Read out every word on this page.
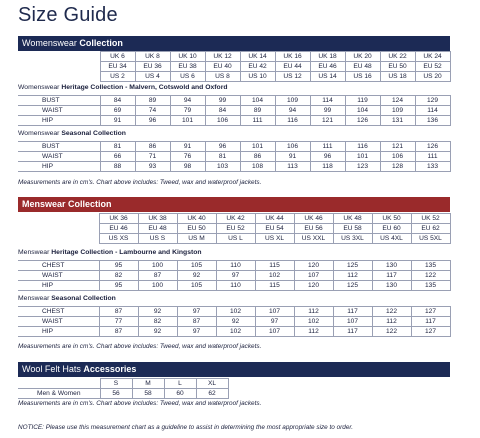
Size Guide
Womenswear Collection
	UK 6	UK 8	UK 10	UK 12	UK 14	UK 16	UK 18	UK 20	UK 22	UK 24
	EU 34	EU 36	EU 38	EU 40	EU 42	EU 44	EU 46	EU 48	EU 50	EU 52
	US 2	US 4	US 6	US 8	US 10	US 12	US 14	US 16	US 18	US 20
Womenswear Heritage Collection - Malvern, Cotswold and Oxford
BUST	84	89	94	99	104	109	114	119	124	129
WAIST	69	74	79	84	89	94	99	104	109	114
HIP	91	96	101	106	111	116	121	126	131	136
Womenswear Seasonal Collection
BUST	81	86	91	96	101	106	111	116	121	126
WAIST	66	71	76	81	86	91	96	101	106	111
HIP	88	93	98	103	108	113	118	123	128	133
Measurements are in cm's. Chart above includes: Tweed, wax and waterproof jackets.
Menswear Collection
	UK 36	UK 38	UK 40	UK 42	UK 44	UK 46	UK 48	UK 50	UK 52
	EU 46	EU 48	EU 50	EU 52	EU 54	EU 56	EU 58	EU 60	EU 62
	US XS	US S	US M	US L	US XL	US XXL	US 3XL	US 4XL	US 5XL
Menswear Heritage Collection - Lambourne and Kingston
CHEST	95	100	105	110	115	120	125	130	135
WAIST	82	87	92	97	102	107	112	117	122
HIP	95	100	105	110	115	120	125	130	135
Menswear Seasonal Collection
CHEST	87	92	97	102	107	112	117	122	127
WAIST	77	82	87	92	97	102	107	112	117
HIP	87	92	97	102	107	112	117	122	127
Measurements are in cm's. Chart above includes: Tweed, wax and waterproof jackets.
Wool Felt Hats Accessories
	S	M	L	XL
Men & Women	56	58	60	62
Measurements are in cm's. Chart above includes: Tweed, wax and waterproof jackets.
NOTICE: Please use this measurement chart as a guideline to assist in determining the most appropriate size to order.
